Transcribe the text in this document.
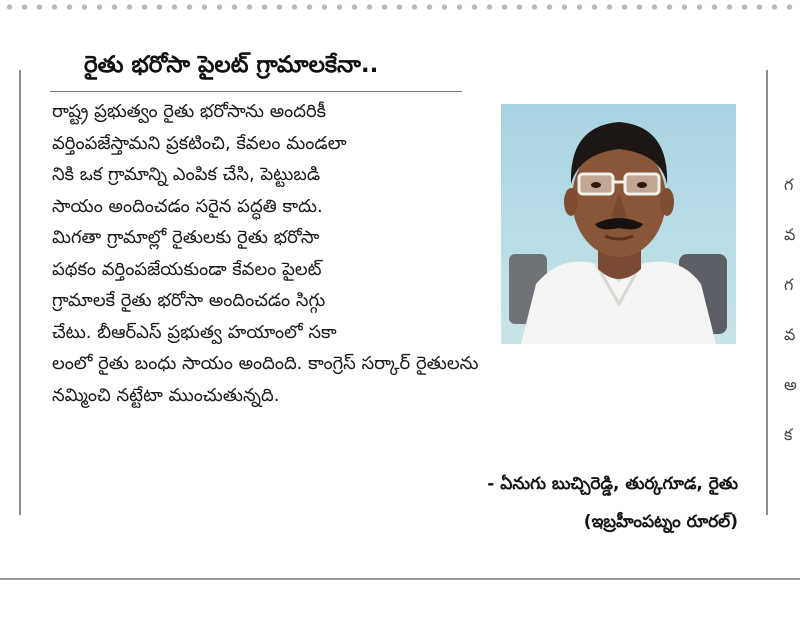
రైతు భరోసా పైలట్ గ్రామాలకేనా..
రాష్ట్ర ప్రభుత్వం రైతు భరోసాను అందరికీ
వర్తింపజేస్తామని ప్రకటించి, కేవలం మండలా
నికి ఒక గ్రామాన్ని ఎంపిక చేసి, పెట్టుబడి
సాయం అందించడం సరైన పద్ధతి కాదు.
మిగతా గ్రామాల్లో రైతులకు రైతు భరోసా
పథకం వర్తింపజేయకుండా కేవలం పైలట్
గ్రామాలకే రైతు భరోసా అందించడం సిగ్గు
చేటు. బీఆర్ఎస్ ప్రభుత్వ హయాంలో సకా
లంలో రైతు బంధు సాయం అందింది. కాంగ్రెస్ సర్కార్ రైతులను
నమ్మించి నట్టేటా ముంచుతున్నది.
- ఏనుగు బుచ్చిరెడ్డి, తుర్కగూడ, రైతు
(ఇబ్రహీంపట్నం రూరల్)
గ
వ
గ
వ
అ
క
